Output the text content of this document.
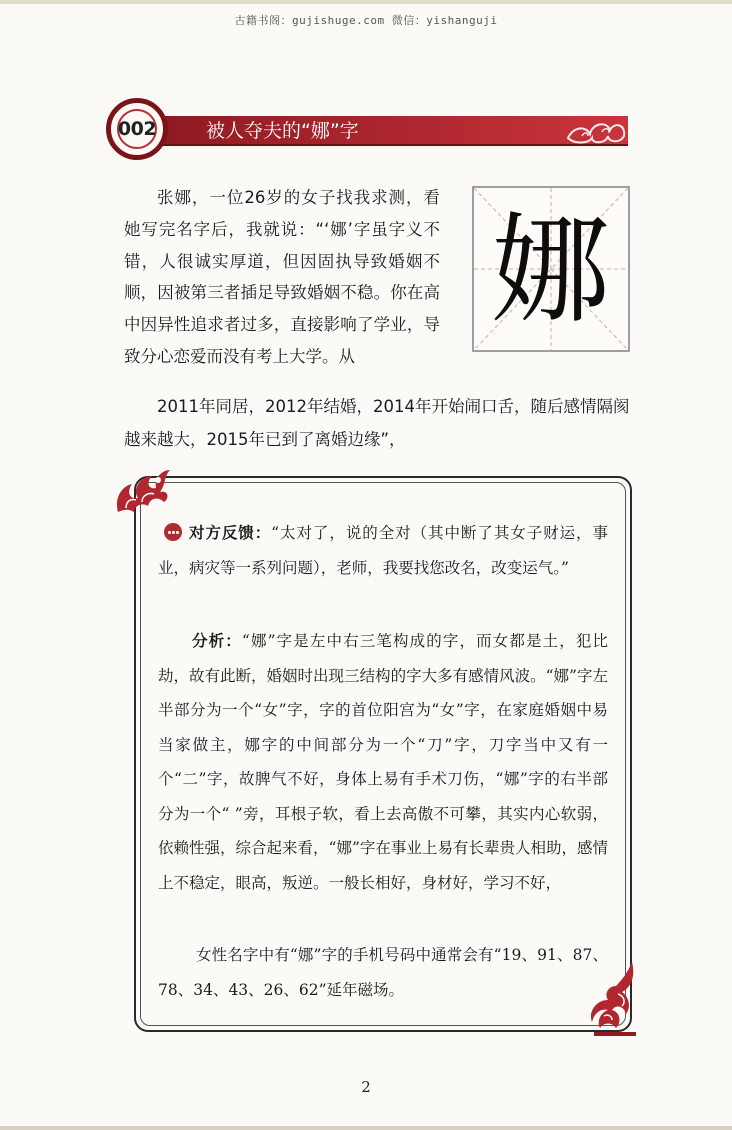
古籍书阁：gujishuge.com 微信：yishanguji
002	被人夺夫的“娜”字

张娜，一位26岁的女子找我求测，看她写完名字后，我就说：“‘娜’字虽字义不错，人很诚实厚道，但因固执导致婚姻不顺，因被第三者插足导致婚姻不稳。你在高中因异性追求者过多，直接影响了学业，导致分心恋爱而没有考上大学。从

2011年同居，2012年结婚，2014年开始闹口舌，随后感情隔阂越来越大，2015年已到了离婚边缘”，

娜

对方反馈：“太对了，说的全对（其中断了其女子财运，事业，病灾等一系列问题），老师，我要找您改名，改变运气。”

分析：“娜”字是左中右三笔构成的字，而女都是土，犯比劫，故有此断，婚姻时出现三结构的字大多有感情风波。“娜”字左半部分为一个“女”字，字的首位阳宫为“女”字，在家庭婚姻中易当家做主，娜字的中间部分为一个“刀”字，刀字当中又有一个“二”字，故脾气不好，身体上易有手术刀伤，“娜”字的右半部分为一个“ ”旁，耳根子软，看上去高傲不可攀，其实内心软弱，依赖性强，综合起来看，“娜”字在事业上易有长辈贵人相助，感情上不稳定，眼高，叛逆。一般长相好，身材好，学习不好，

女性名字中有“娜”字的手机号码中通常会有“19、91、87、78、34、43、26、62”延年磁场。

2
